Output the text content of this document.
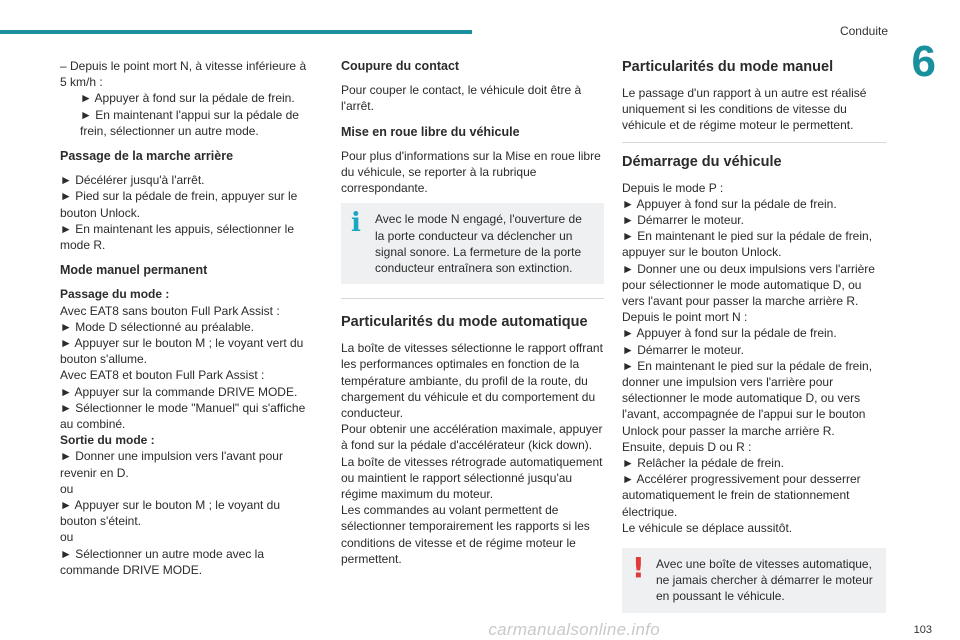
Conduite
6

– Depuis le point mort N, à vitesse inférieure à 5 km/h :

► Appuyer à fond sur la pédale de frein.

► En maintenant l'appui sur la pédale de frein, sélectionner un autre mode.

Passage de la marche arrière

► Décélérer jusqu'à l'arrêt.

► Pied sur la pédale de frein, appuyer sur le bouton Unlock.

► En maintenant les appuis, sélectionner le mode R.

Mode manuel permanent

Passage du mode :

Avec EAT8 sans bouton Full Park Assist :

► Mode D sélectionné au préalable.

► Appuyer sur le bouton M ; le voyant vert du bouton s'allume.

Avec EAT8 et bouton Full Park Assist :

► Appuyer sur la commande DRIVE MODE.

► Sélectionner le mode "Manuel" qui s'affiche au combiné.

Sortie du mode :

► Donner une impulsion vers l'avant pour revenir en D.

ou

► Appuyer sur le bouton M ; le voyant du bouton s'éteint.

ou

► Sélectionner un autre mode avec la commande DRIVE MODE.

Coupure du contact

Pour couper le contact, le véhicule doit être à l'arrêt.

Mise en roue libre du véhicule

Pour plus d'informations sur la Mise en roue libre du véhicule, se reporter à la rubrique correspondante.

i	Avec le mode N engagé, l'ouverture de la porte conducteur va déclencher un signal sonore. La fermeture de la porte conducteur entraînera son extinction.

Particularités du mode automatique

La boîte de vitesses sélectionne le rapport offrant les performances optimales en fonction de la température ambiante, du profil de la route, du chargement du véhicule et du comportement du conducteur.

Pour obtenir une accélération maximale, appuyer à fond sur la pédale d'accélérateur (kick down). La boîte de vitesses rétrograde automatiquement ou maintient le rapport sélectionné jusqu'au régime maximum du moteur.

Les commandes au volant permettent de sélectionner temporairement les rapports si les conditions de vitesse et de régime moteur le permettent.

Particularités du mode manuel

Le passage d'un rapport à un autre est réalisé uniquement si les conditions de vitesse du véhicule et de régime moteur le permettent.

Démarrage du véhicule

Depuis le mode P :

► Appuyer à fond sur la pédale de frein.

► Démarrer le moteur.

► En maintenant le pied sur la pédale de frein, appuyer sur le bouton Unlock.

► Donner une ou deux impulsions vers l'arrière pour sélectionner le mode automatique D, ou vers l'avant pour passer la marche arrière R.

Depuis le point mort N :

► Appuyer à fond sur la pédale de frein.

► Démarrer le moteur.

► En maintenant le pied sur la pédale de frein, donner une impulsion vers l'arrière pour sélectionner le mode automatique D, ou vers l'avant, accompagnée de l'appui sur le bouton Unlock pour passer la marche arrière R.

Ensuite, depuis D ou R :

► Relâcher la pédale de frein.

► Accélérer progressivement pour desserrer automatiquement le frein de stationnement électrique.

Le véhicule se déplace aussitôt.

! Avec une boîte de vitesses automatique, ne jamais chercher à démarrer le moteur en poussant le véhicule.

103
carmanualsonline.info
